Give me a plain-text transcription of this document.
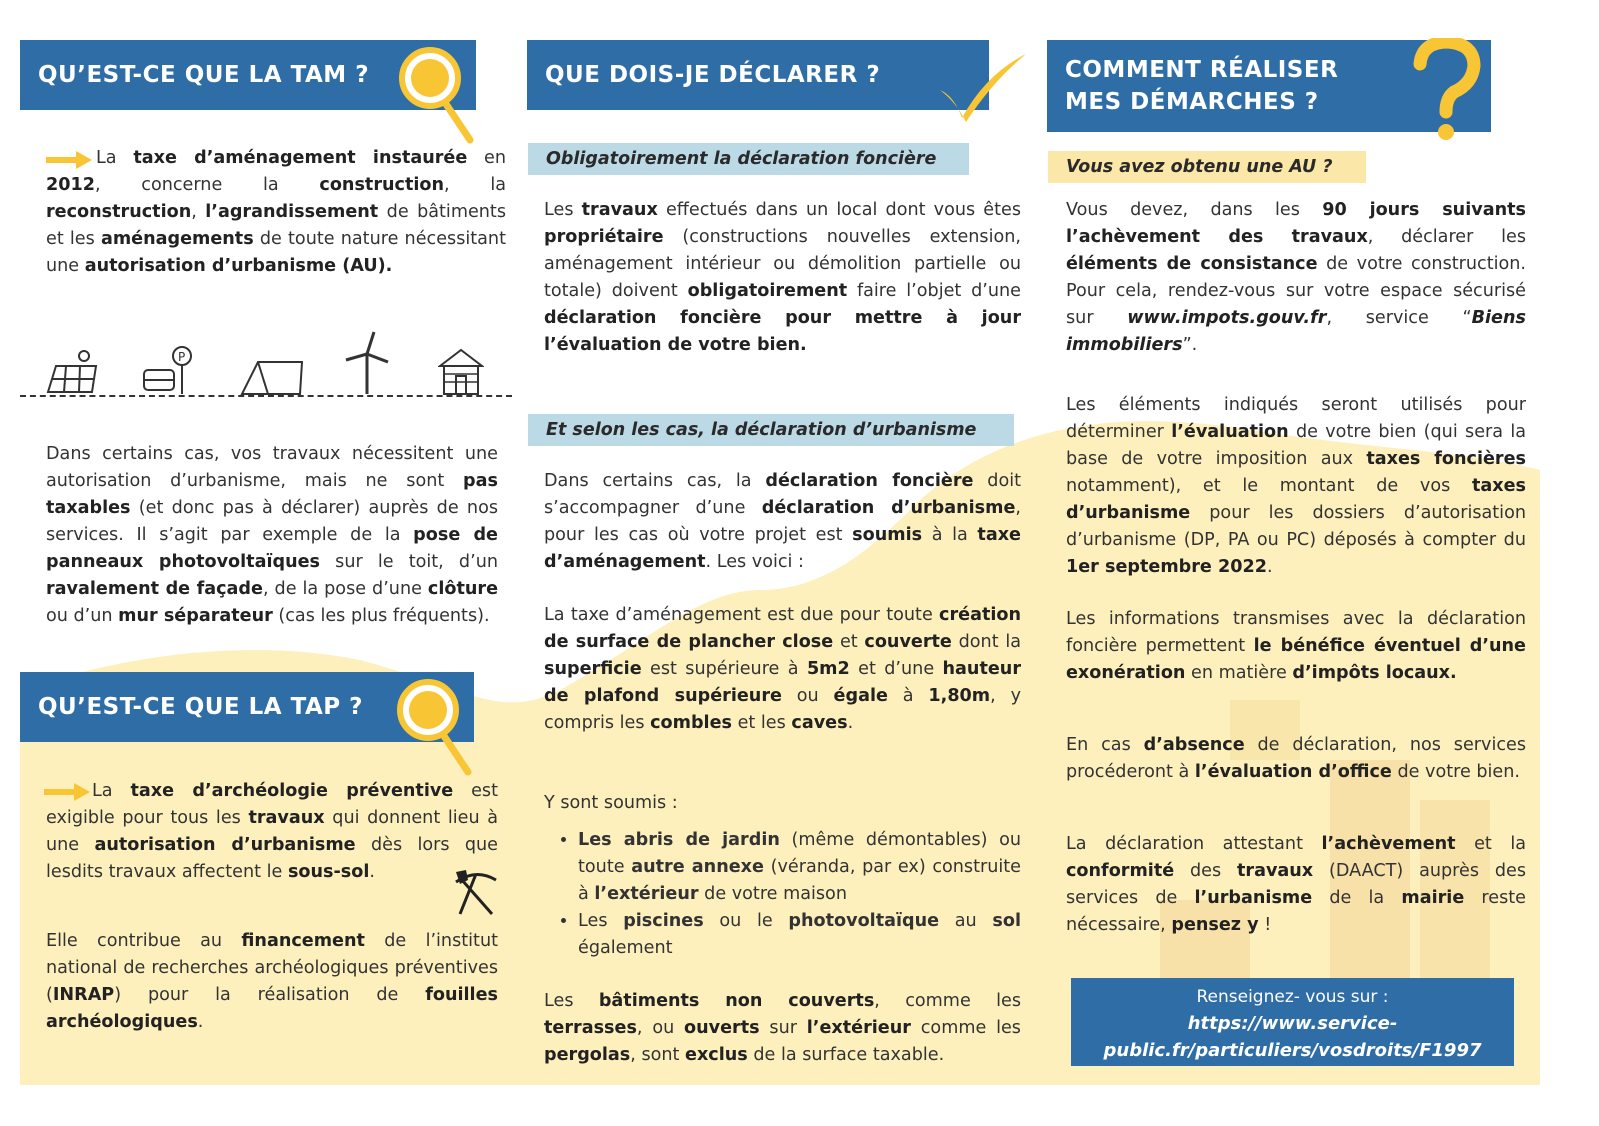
QU’EST-CE QUE LA TAM ?

La taxe d’aménagement instaurée en 2012, concerne la construction, la reconstruction, l’agrandissement de bâtiments et les aménagements de toute nature nécessitant une autorisation d’urbanisme (AU).

P

Dans certains cas, vos travaux nécessitent une autorisation d’urbanisme, mais ne sont pas taxables (et donc pas à déclarer) auprès de nos services. Il s’agit par exemple de la pose de panneaux photovoltaïques sur le toit, d’un ravalement de façade, de la pose d’une clôture ou d’un mur séparateur (cas les plus fréquents).

QU’EST-CE QUE LA TAP ?

La taxe d’archéologie préventive est exigible pour tous les travaux qui donnent lieu à une autorisation d’urbanisme dès lors que lesdits travaux affectent le sous-sol.

Elle contribue au financement de l’institut national de recherches archéologiques préventives (INRAP) pour la réalisation de fouilles archéologiques.

QUE DOIS-JE DÉCLARER ?
Obligatoirement la déclaration foncière

Les travaux effectués dans un local dont vous êtes propriétaire (constructions nouvelles extension, aménagement intérieur ou démolition partielle ou totale) doivent obligatoirement faire l’objet d’une déclaration foncière pour mettre à jour l’évaluation de votre bien.

Et selon les cas, la déclaration d’urbanisme

Dans certains cas, la déclaration foncière doit s’accompagner d’une déclaration d’urbanisme, pour les cas où votre projet est soumis à la taxe d’aménagement. Les voici :

La taxe d’aménagement est due pour toute création de surface de plancher close et couverte dont la superficie est supérieure à 5m2 et d’une hauteur de plafond supérieure ou égale à 1,80m, y compris les combles et les caves.

Y sont soumis :

• Les abris de jardin (même démontables) ou toute autre annexe (véranda, par ex) construite à l’extérieur de votre maison
• Les piscines ou le photovoltaïque au sol également

Les bâtiments non couverts, comme les terrasses, ou ouverts sur l’extérieur comme les pergolas, sont exclus de la surface taxable.

COMMENT RÉALISER
MES DÉMARCHES ?
Vous avez obtenu une AU ?

Vous devez, dans les 90 jours suivants l’achèvement des travaux, déclarer les éléments de consistance de votre construction. Pour cela, rendez-vous sur votre espace sécurisé sur www.impots.gouv.fr, service “Biens immobiliers”.

Les éléments indiqués seront utilisés pour déterminer l’évaluation de votre bien (qui sera la base de votre imposition aux taxes foncières notamment), et le montant de vos taxes d’urbanisme pour les dossiers d’autorisation d’urbanisme (DP, PA ou PC) déposés à compter du 1er septembre 2022.

Les informations transmises avec la déclaration foncière permettent le bénéfice éventuel d’une exonération en matière d’impôts locaux.

En cas d’absence de déclaration, nos services procéderont à l’évaluation d’office de votre bien.

La déclaration attestant l’achèvement et la conformité des travaux (DAACT) auprès des services de l’urbanisme de la mairie reste nécessaire, pensez y !

Renseignez- vous sur :
https://www.service-
public.fr/particuliers/vosdroits/F1997
